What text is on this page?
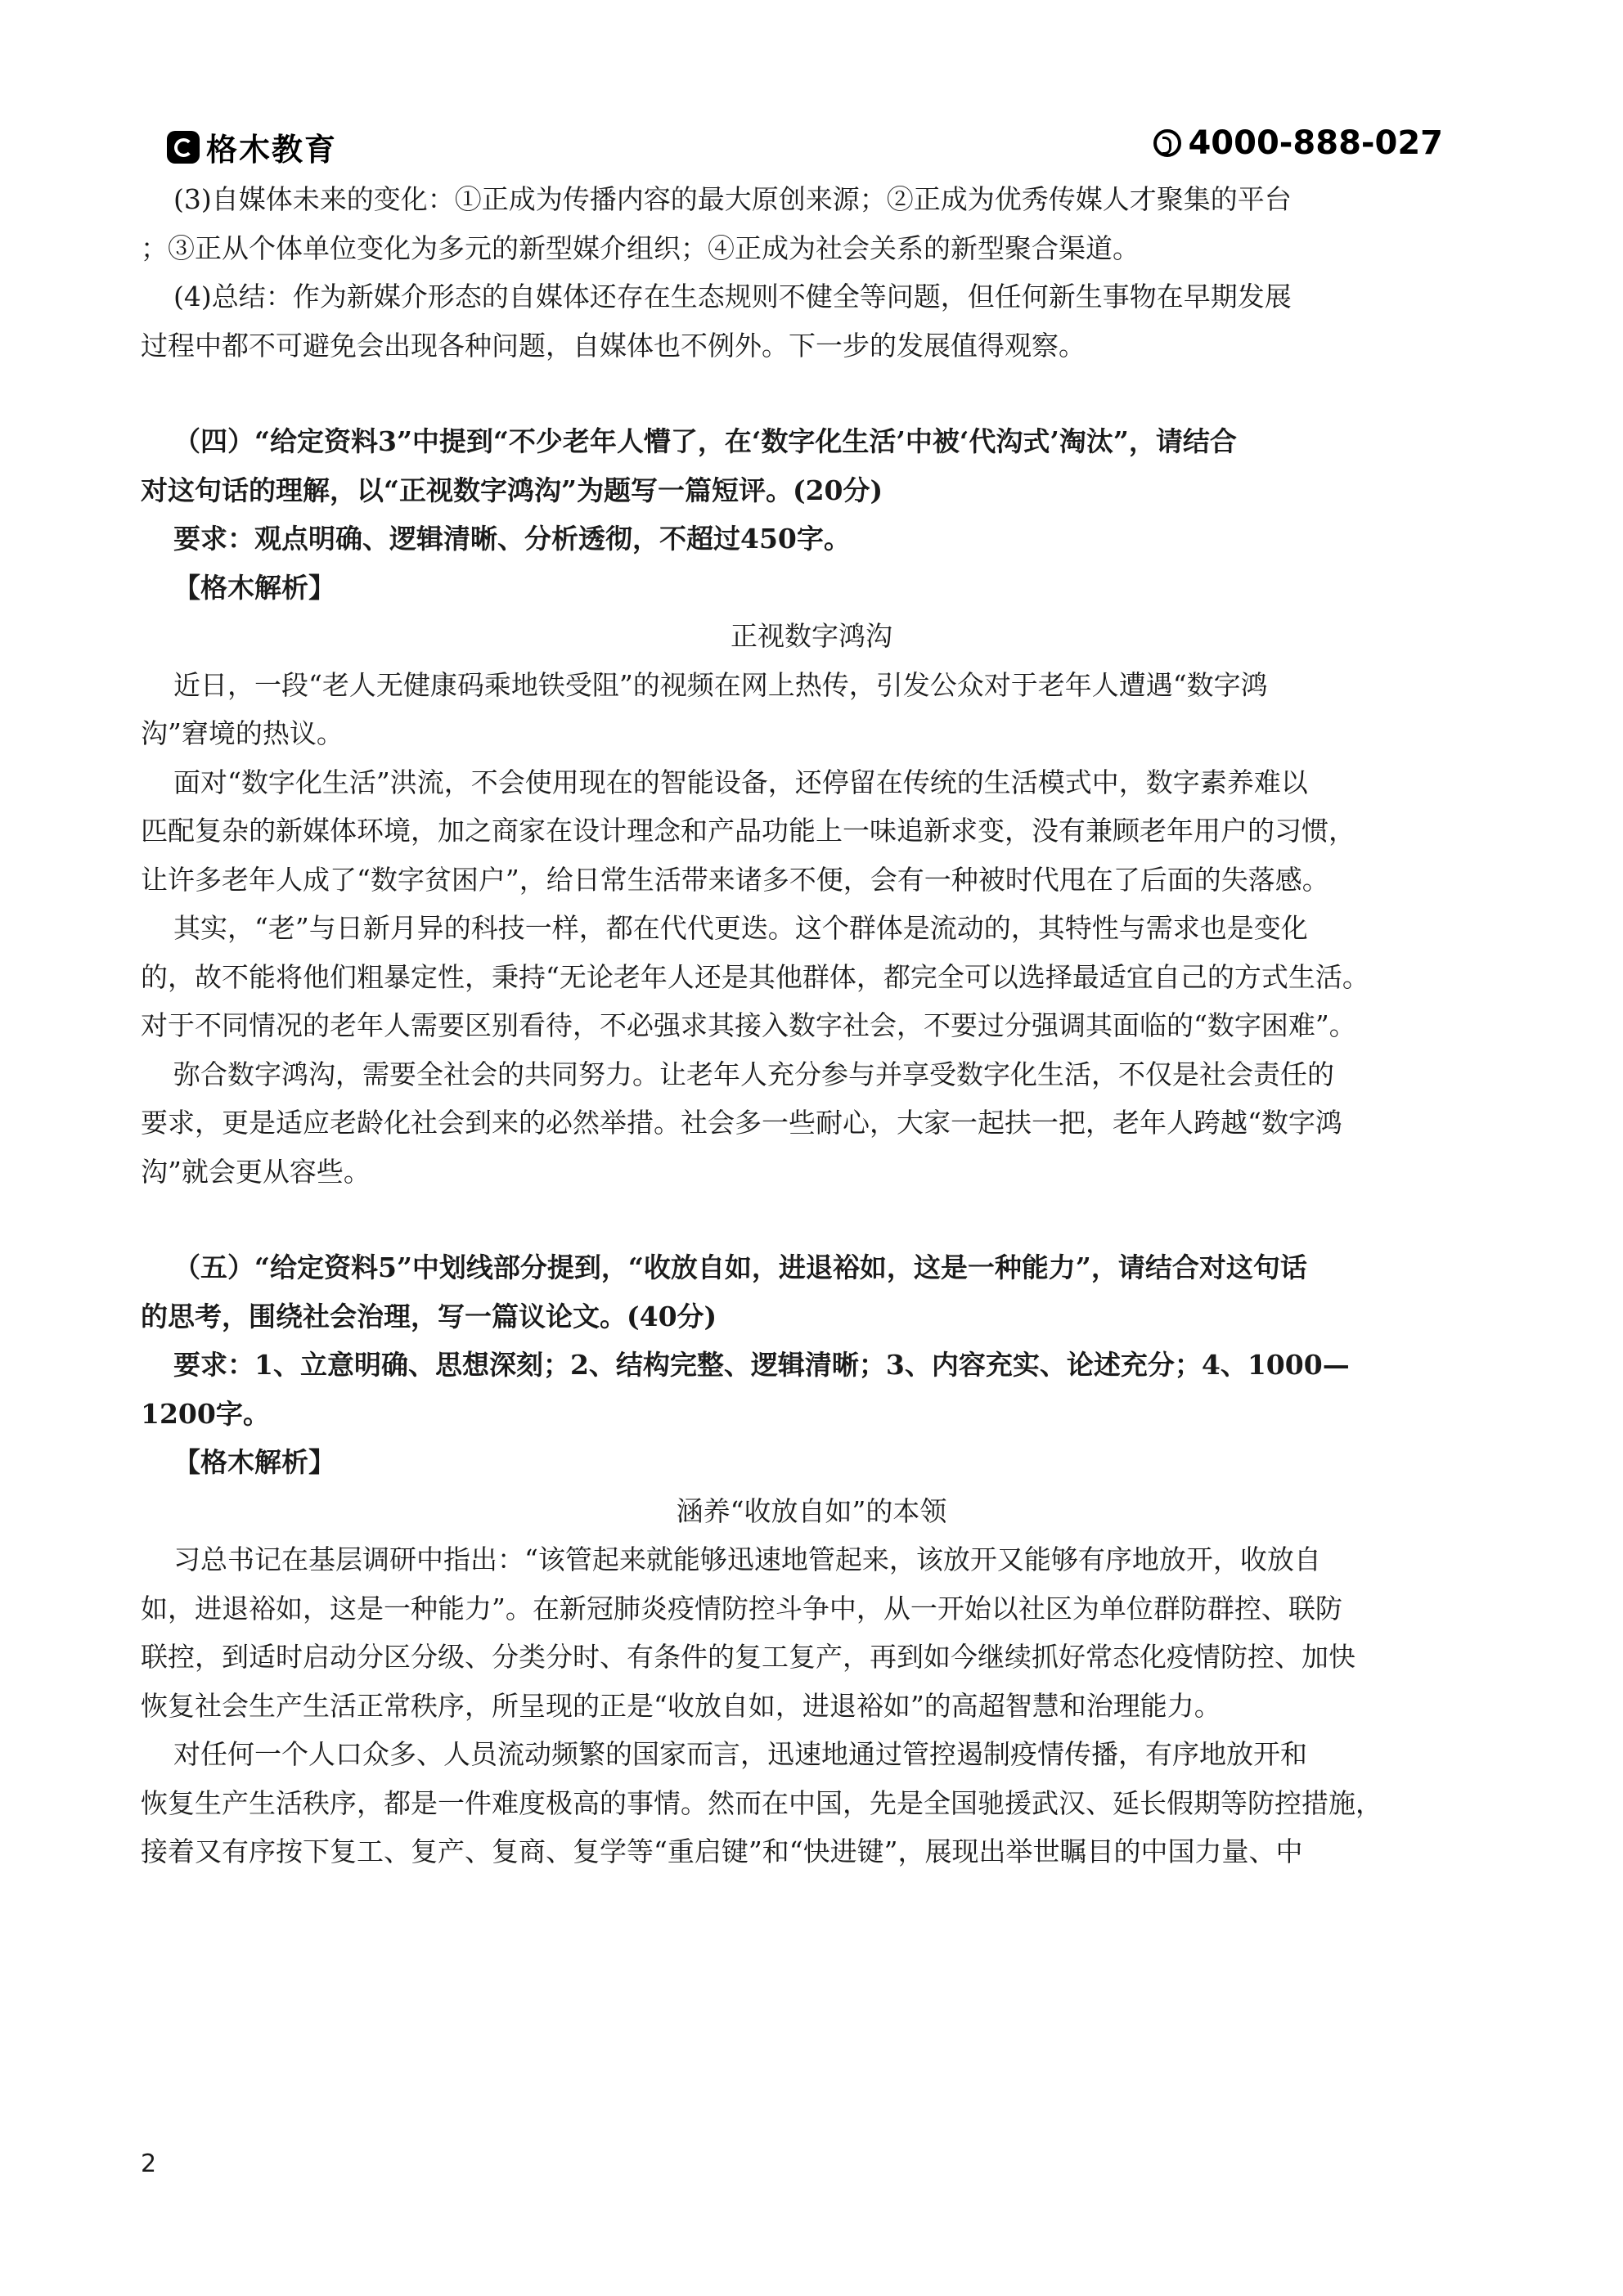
格木教育	4000-888-027
(3)自媒体未来的变化：①正成为传播内容的最大原创来源；②正成为优秀传媒人才聚集的平台
；③正从个体单位变化为多元的新型媒介组织；④正成为社会关系的新型聚合渠道。
(4)总结：作为新媒介形态的自媒体还存在生态规则不健全等问题，但任何新生事物在早期发展
过程中都不可避免会出现各种问题，自媒体也不例外。下一步的发展值得观察。
（四）“给定资料3”中提到“不少老年人懵了，在‘数字化生活’中被‘代沟式’淘汰”，请结合
对这句话的理解，以“正视数字鸿沟”为题写一篇短评。(20分)
要求：观点明确、逻辑清晰、分析透彻，不超过450字。
【格木解析】
正视数字鸿沟
近日，一段“老人无健康码乘地铁受阻”的视频在网上热传，引发公众对于老年人遭遇“数字鸿
沟”窘境的热议。
面对“数字化生活”洪流，不会使用现在的智能设备，还停留在传统的生活模式中，数字素养难以
匹配复杂的新媒体环境，加之商家在设计理念和产品功能上一味追新求变，没有兼顾老年用户的习惯，
让许多老年人成了“数字贫困户”，给日常生活带来诸多不便，会有一种被时代甩在了后面的失落感。
其实，“老”与日新月异的科技一样，都在代代更迭。这个群体是流动的，其特性与需求也是变化
的，故不能将他们粗暴定性，秉持“无论老年人还是其他群体，都完全可以选择最适宜自己的方式生活。
对于不同情况的老年人需要区别看待，不必强求其接入数字社会，不要过分强调其面临的“数字困难”。
弥合数字鸿沟，需要全社会的共同努力。让老年人充分参与并享受数字化生活，不仅是社会责任的
要求，更是适应老龄化社会到来的必然举措。社会多一些耐心，大家一起扶一把，老年人跨越“数字鸿
沟”就会更从容些。
（五）“给定资料5”中划线部分提到，“收放自如，进退裕如，这是一种能力”，请结合对这句话
的思考，围绕社会治理，写一篇议论文。(40分)
要求：1、立意明确、思想深刻；2、结构完整、逻辑清晰；3、内容充实、论述充分；4、1000—
1200字。
【格木解析】
涵养“收放自如”的本领
习总书记在基层调研中指出：“该管起来就能够迅速地管起来，该放开又能够有序地放开，收放自
如，进退裕如，这是一种能力”。在新冠肺炎疫情防控斗争中，从一开始以社区为单位群防群控、联防
联控，到适时启动分区分级、分类分时、有条件的复工复产，再到如今继续抓好常态化疫情防控、加快
恢复社会生产生活正常秩序，所呈现的正是“收放自如，进退裕如”的高超智慧和治理能力。
对任何一个人口众多、人员流动频繁的国家而言，迅速地通过管控遏制疫情传播，有序地放开和
恢复生产生活秩序，都是一件难度极高的事情。然而在中国，先是全国驰援武汉、延长假期等防控措施，
接着又有序按下复工、复产、复商、复学等“重启键”和“快进键”，展现出举世瞩目的中国力量、中
2
